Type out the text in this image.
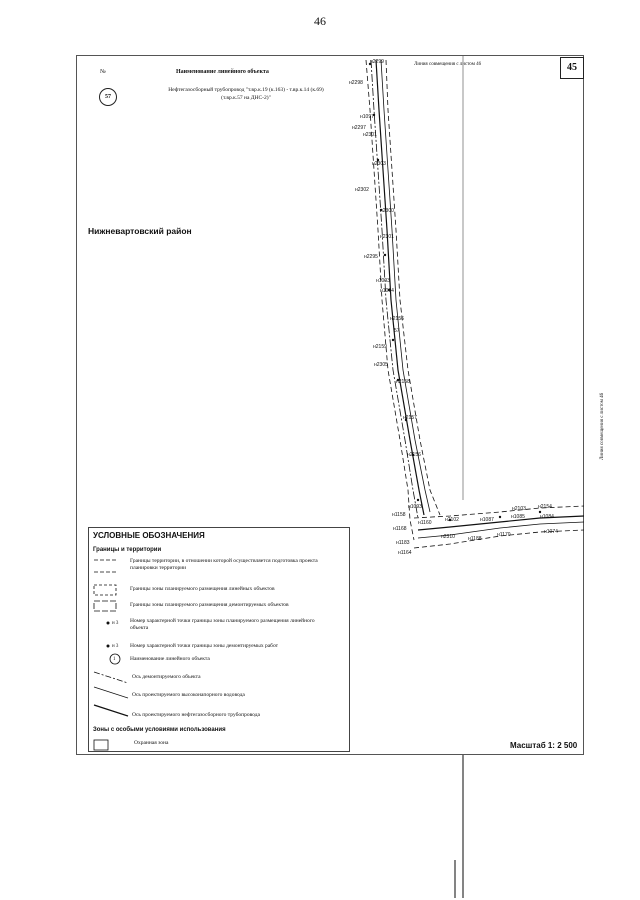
46
45
№	Наименование линейного объекта
57
Нефтегазосборный трубопровод "т.вр.к.19 (к.163) - т.вр.к.14 (к.69)
(т.вр.к.57 на ДНС-2)"
Нижневартовский район
Линия совмещения с листом 46
Линия совмещения с листом 46
н2299
н2298
н1097
н2297
н2301
н2303
н2302
н2300
н2301
н2295
н1093
н1094
н2156
н2159
н2305
н2158
н2157
н2156
н1093
н1158
н2102
н1160	н1087
н2103 н2154
н1085	н1084
н1168
н1183
н2310	н1188
н1164
н1170	н1074
57
УСЛОВНЫЕ ОБОЗНАЧЕНИЯ
Границы и территории
Границы территории, в отношении которой осуществляется подготовка проекта планировки территории
Границы зоны планируемого размещения линейных объектов
Границы зоны планируемого размещения демонтируемых объектов
н 3 Номер характерной точки границы зоны планируемого размещения линейного объекта
н 3 Номер характерной точки границы зоны демонтируемых работ
1	Наименование линейного объекта
Ось демонтируемого объекта
Ось проектируемого высоконапорного водовода
Ось проектируемого нефтегазосборного трубопровода
Зоны с особыми условиями использования
Охранная зона	Масштаб 1: 2 500
